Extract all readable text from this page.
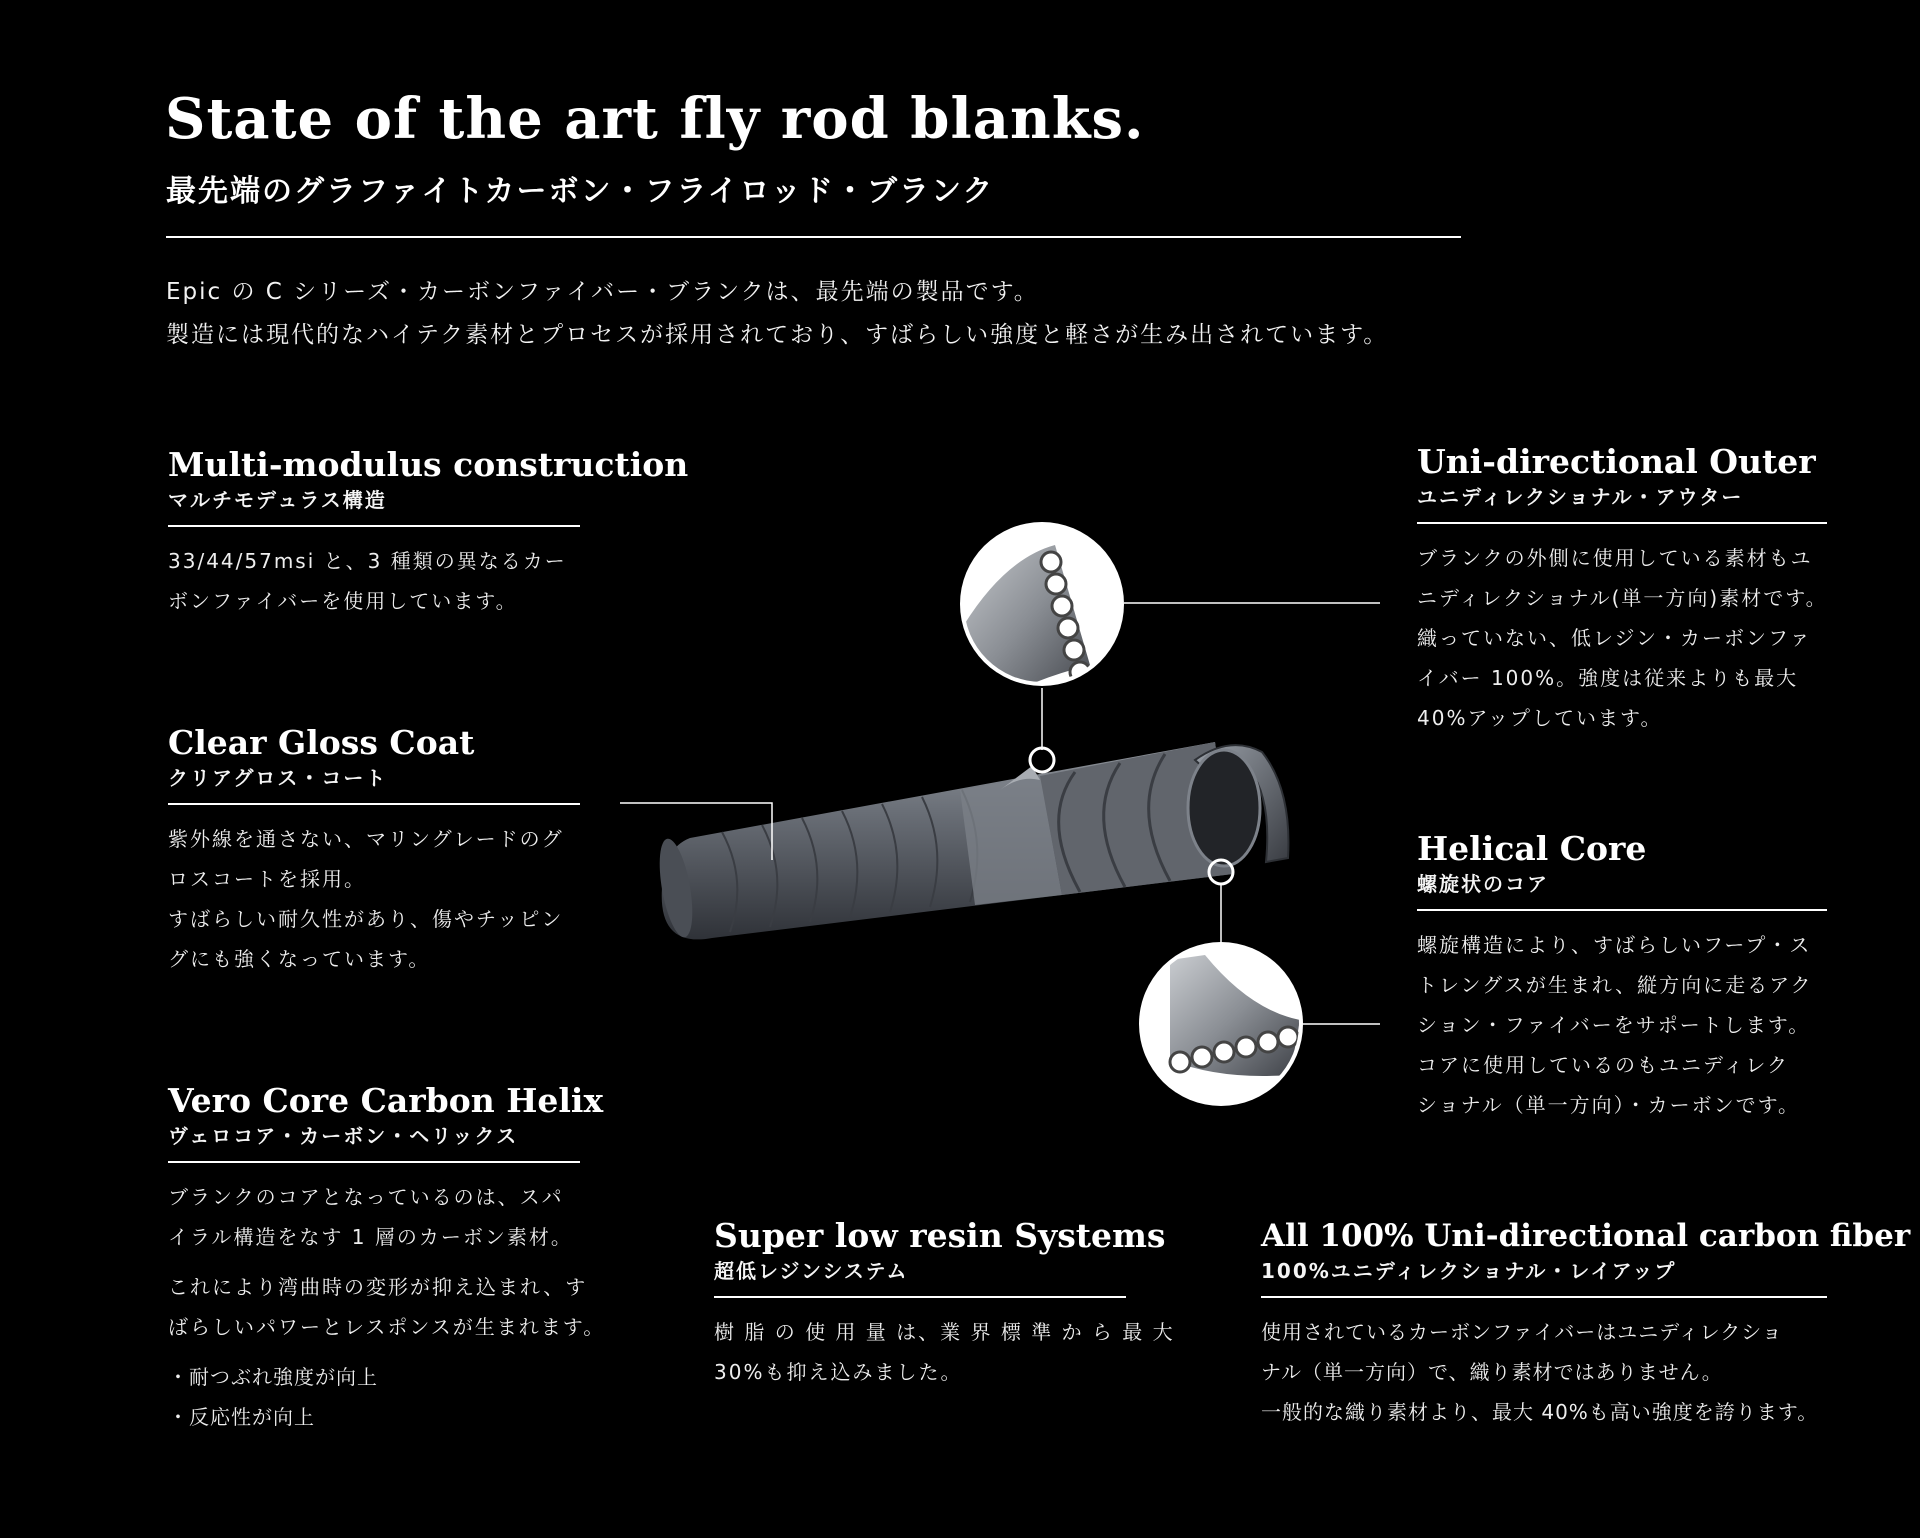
State of the art fly rod blanks.
最先端のグラファイトカーボン・フライロッド・ブランク
Epic の C シリーズ・カーボンファイバー・ブランクは、最先端の製品です。
製造には現代的なハイテク素材とプロセスが採用されており、すばらしい強度と軽さが生み出されています。
Multi-modulus construction
マルチモデュラス構造
33/44/57msi と、3 種類の異なるカー
ボンファイバーを使用しています。
Clear Gloss Coat
クリアグロス・コート
紫外線を通さない、マリングレードのグ
ロスコートを採用。
すばらしい耐久性があり、傷やチッピン
グにも強くなっています。
Vero Core Carbon Helix
ヴェロコア・カーボン・ヘリックス
ブランクのコアとなっているのは、スパ
イラル構造をなす 1 層のカーボン素材。
これにより湾曲時の変形が抑え込まれ、す
ばらしいパワーとレスポンスが生まれます。
・耐つぶれ強度が向上
・反応性が向上
Uni-directional Outer
ユニディレクショナル・アウター
ブランクの外側に使用している素材もユ
ニディレクショナル(単一方向)素材です。
織っていない、低レジン・カーボンファ
イバー 100%。強度は従来よりも最大
40%アップしています。
Helical Core
螺旋状のコア
螺旋構造により、すばらしいフープ・ス
トレングスが生まれ、縦方向に走るアク
ション・ファイバーをサポートします。
コアに使用しているのもユニディレク
ショナル（単一方向）・カーボンです。
Super low resin Systems
超低レジンシステム
樹 脂 の 使 用 量 は、業 界 標 準 か ら 最 大
30%も抑え込みました。
All 100% Uni-directional carbon fiber
100%ユニディレクショナル・レイアップ
使用されているカーボンファイバーはユニディレクショ
ナル（単一方向）で、織り素材ではありません。
一般的な織り素材より、最大 40%も高い強度を誇ります。
